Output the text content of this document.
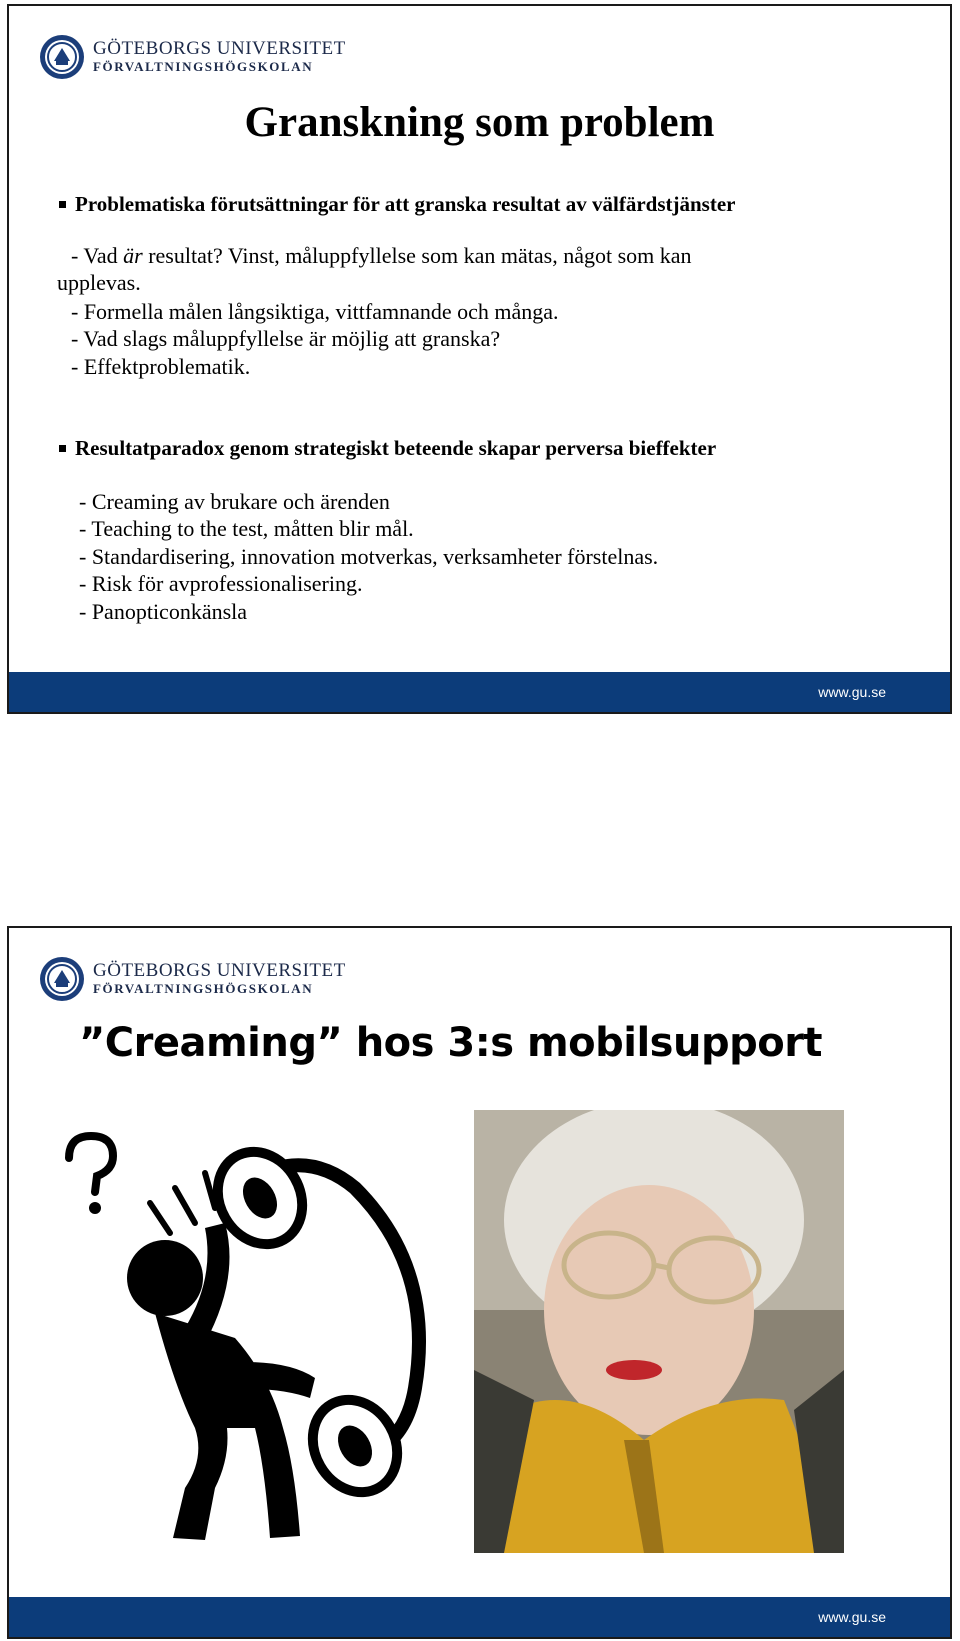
GÖTEBORGS UNIVERSITET
FÖRVALTNINGSHÖGSKOLAN
Granskning som problem
Problematiska förutsättningar för att granska resultat av välfärdstjänster
- Vad är resultat? Vinst, måluppfyllelse som kan mätas, något som kan
upplevas.
- Formella målen långsiktiga, vittfamnande och många.
- Vad slags måluppfyllelse är möjlig att granska?
- Effektproblematik.
Resultatparadox genom strategiskt beteende skapar perversa bieffekter
- Creaming av brukare och ärenden
- Teaching to the test, måtten blir mål.
- Standardisering, innovation motverkas, verksamheter förstelnas.
- Risk för avprofessionalisering.
- Panopticonkänsla
www.gu.se
GÖTEBORGS UNIVERSITET
FÖRVALTNINGSHÖGSKOLAN
”Creaming” hos 3:s mobilsupport
www.gu.se
